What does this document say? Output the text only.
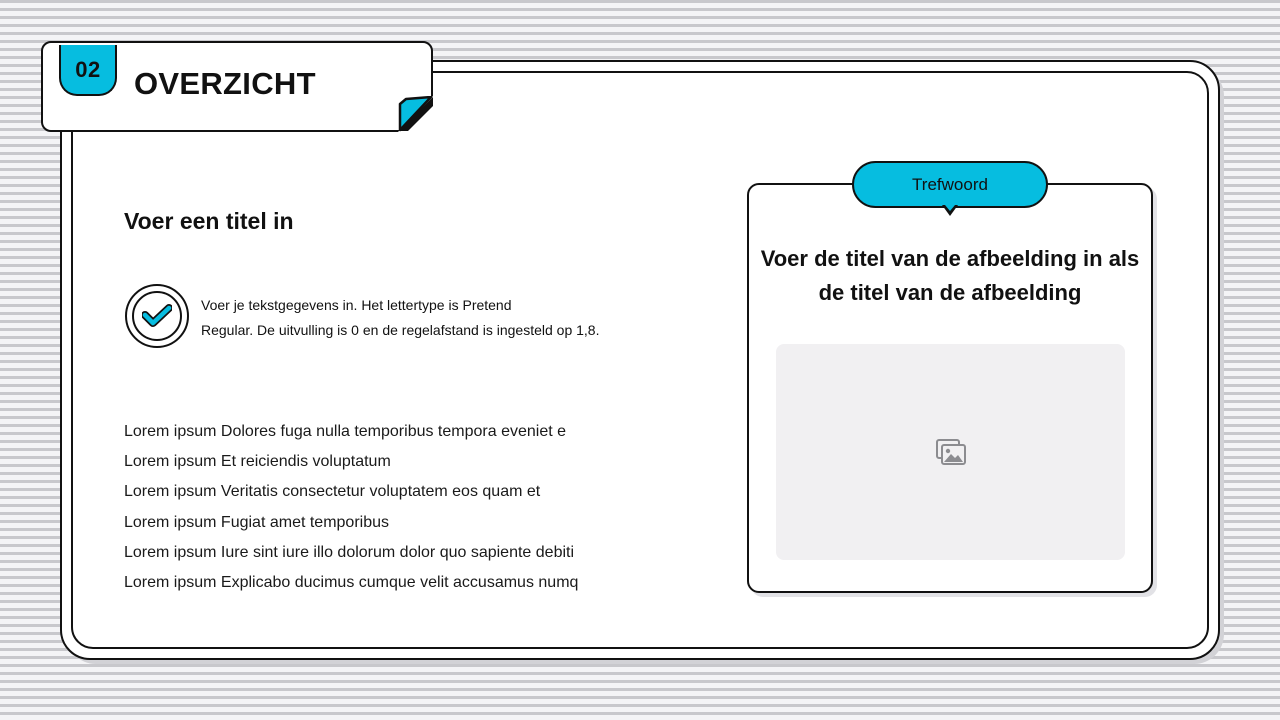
02 OVERZICHT
Voer een titel in
Voer je tekstgegevens in. Het lettertype is Pretend
Regular. De uitvulling is 0 en de regelafstand is ingesteld op 1,8.
Lorem ipsum Dolores fuga nulla temporibus tempora eveniet e
Lorem ipsum Et reiciendis voluptatum
Lorem ipsum Veritatis consectetur voluptatem eos quam et
Lorem ipsum Fugiat amet temporibus
Lorem ipsum Iure sint iure illo dolorum dolor quo sapiente debiti
Lorem ipsum Explicabo ducimus cumque velit accusamus numq
Trefwoord
Voer de titel van de afbeelding in als
de titel van de afbeelding
